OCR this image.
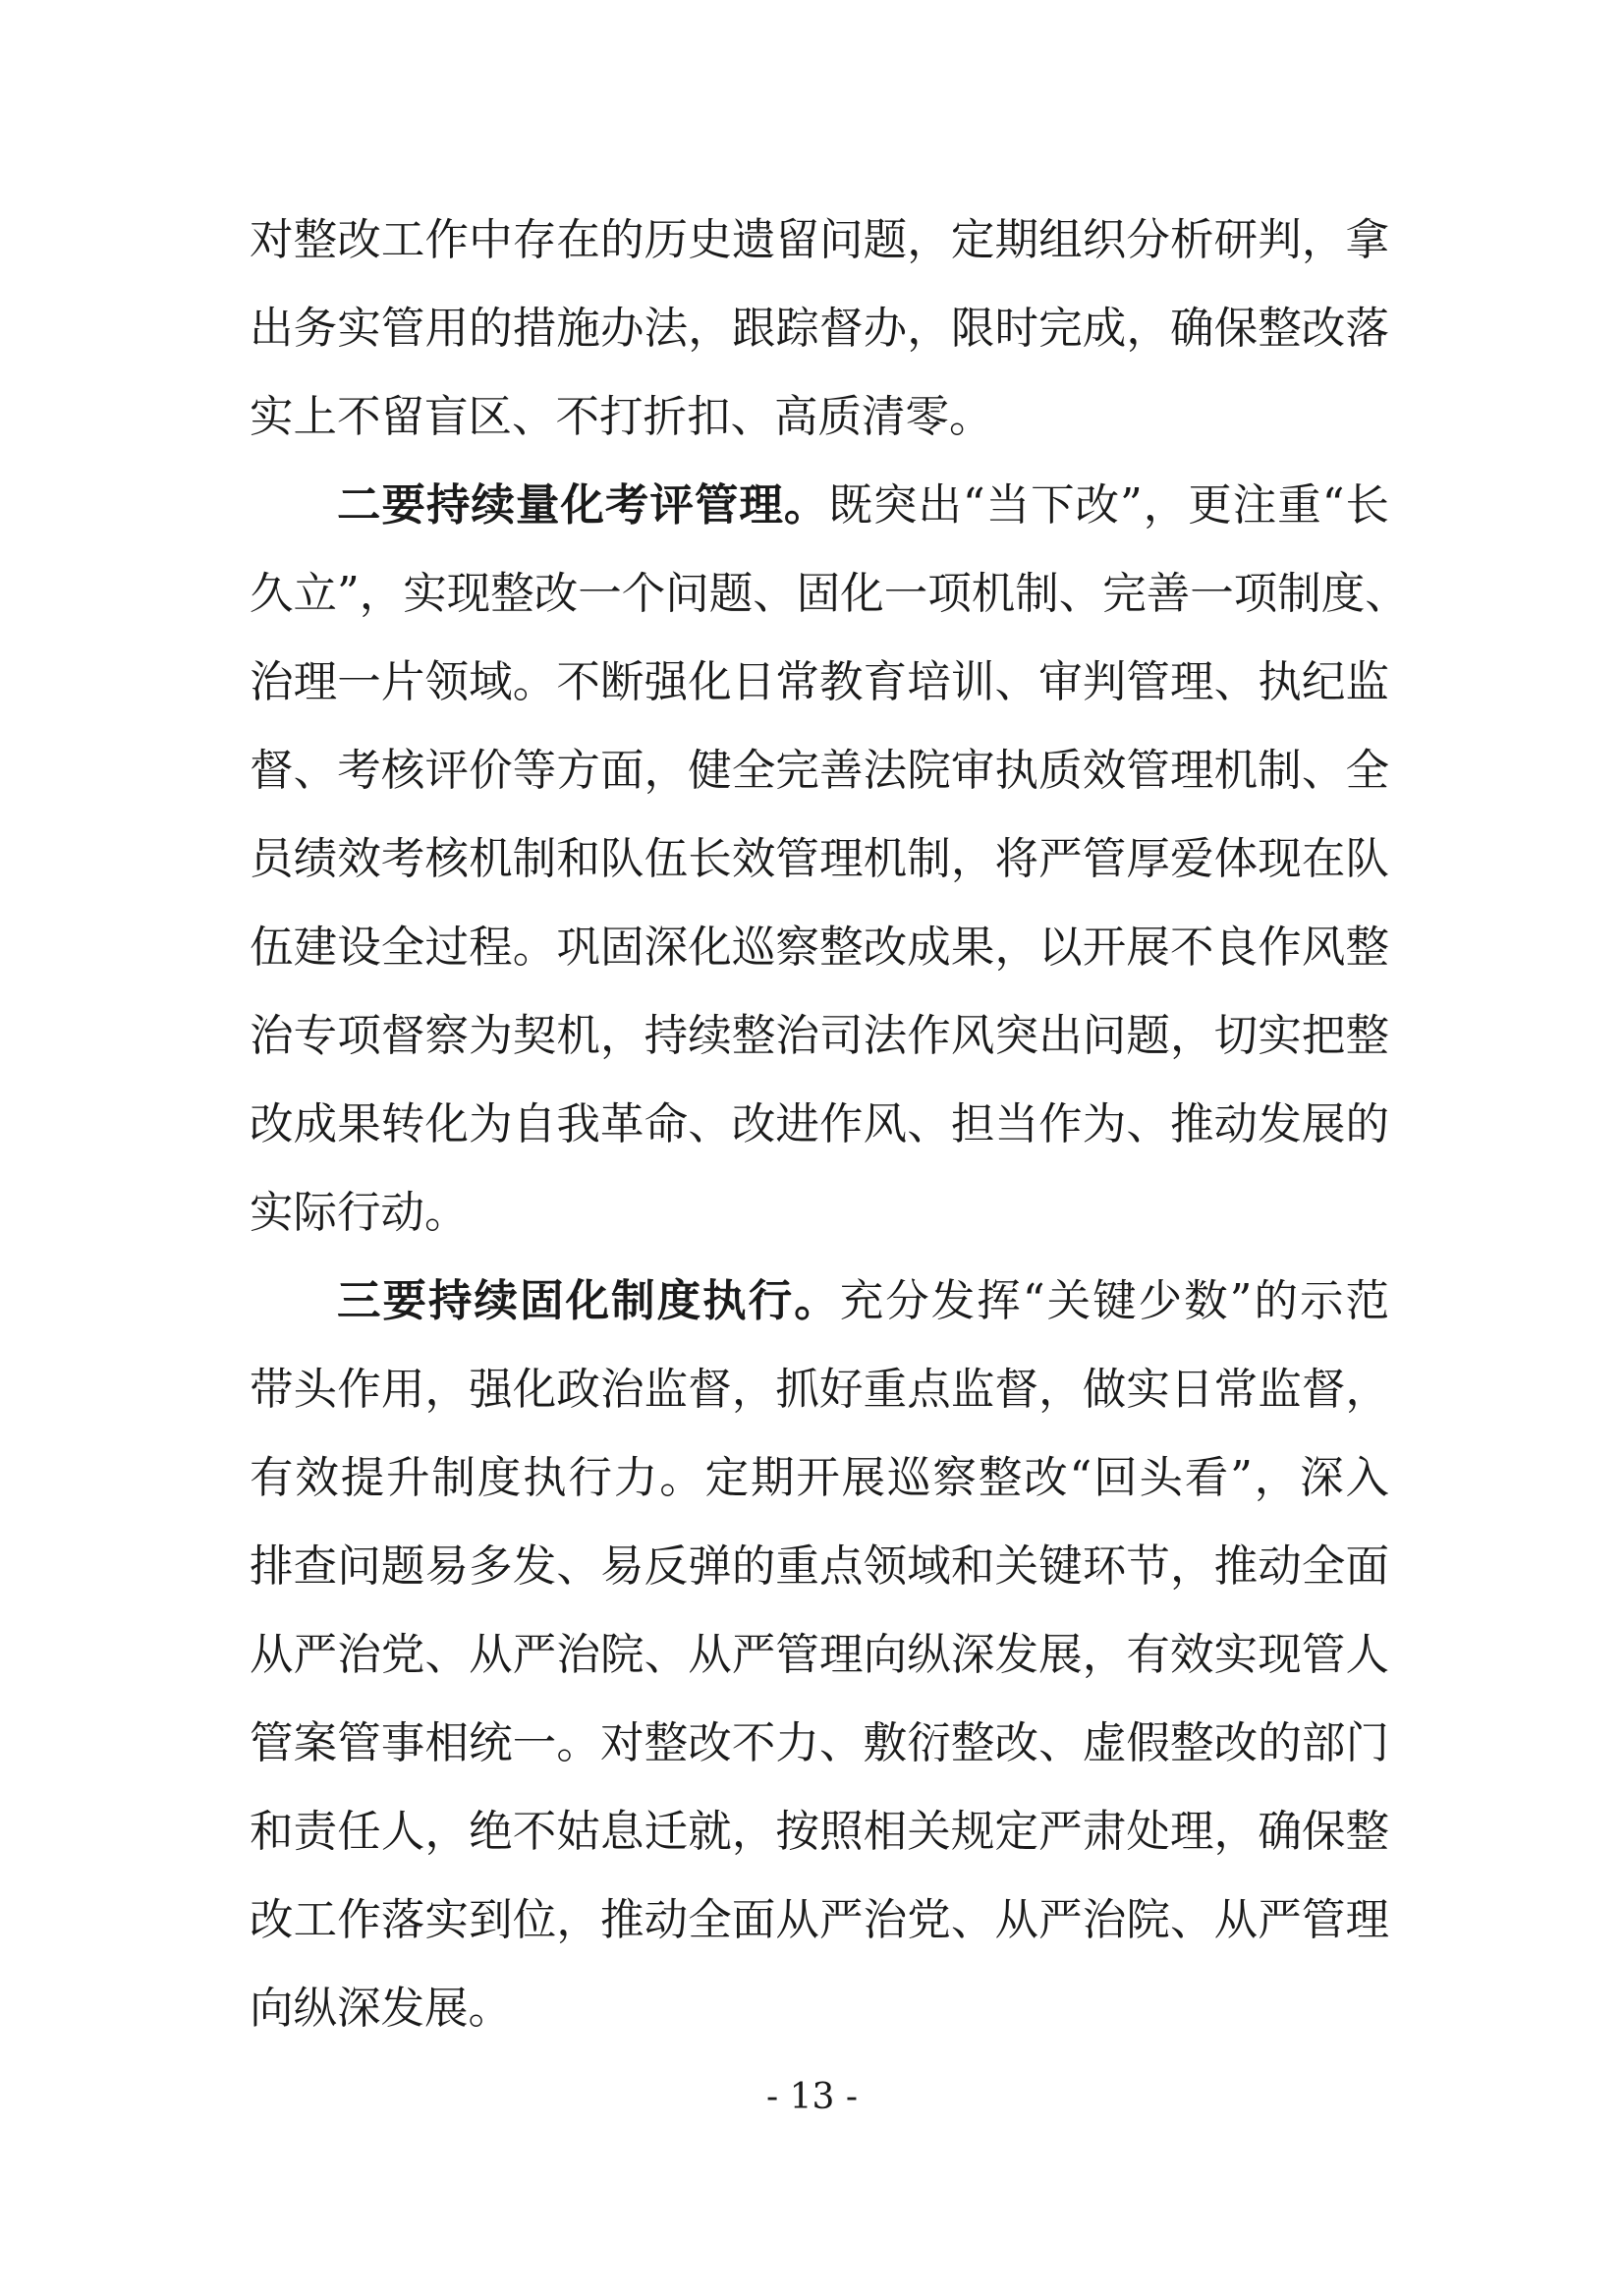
对整改工作中存在的历史遗留问题，定期组织分析研判，拿
出务实管用的措施办法，跟踪督办，限时完成，确保整改落
实上不留盲区、不打折扣、高质清零。
二要持续量化考评管理。既突出“当下改”，更注重“长
久立”，实现整改一个问题、固化一项机制、完善一项制度、
治理一片领域。不断强化日常教育培训、审判管理、执纪监
督、考核评价等方面，健全完善法院审执质效管理机制、全
员绩效考核机制和队伍长效管理机制，将严管厚爱体现在队
伍建设全过程。巩固深化巡察整改成果，以开展不良作风整
治专项督察为契机，持续整治司法作风突出问题，切实把整
改成果转化为自我革命、改进作风、担当作为、推动发展的
实际行动。
三要持续固化制度执行。充分发挥“关键少数”的示范
带头作用，强化政治监督，抓好重点监督，做实日常监督，
有效提升制度执行力。定期开展巡察整改“回头看”，深入
排查问题易多发、易反弹的重点领域和关键环节，推动全面
从严治党、从严治院、从严管理向纵深发展，有效实现管人
管案管事相统一。对整改不力、敷衍整改、虚假整改的部门
和责任人，绝不姑息迁就，按照相关规定严肃处理，确保整
改工作落实到位，推动全面从严治党、从严治院、从严管理
向纵深发展。
- 13 -
